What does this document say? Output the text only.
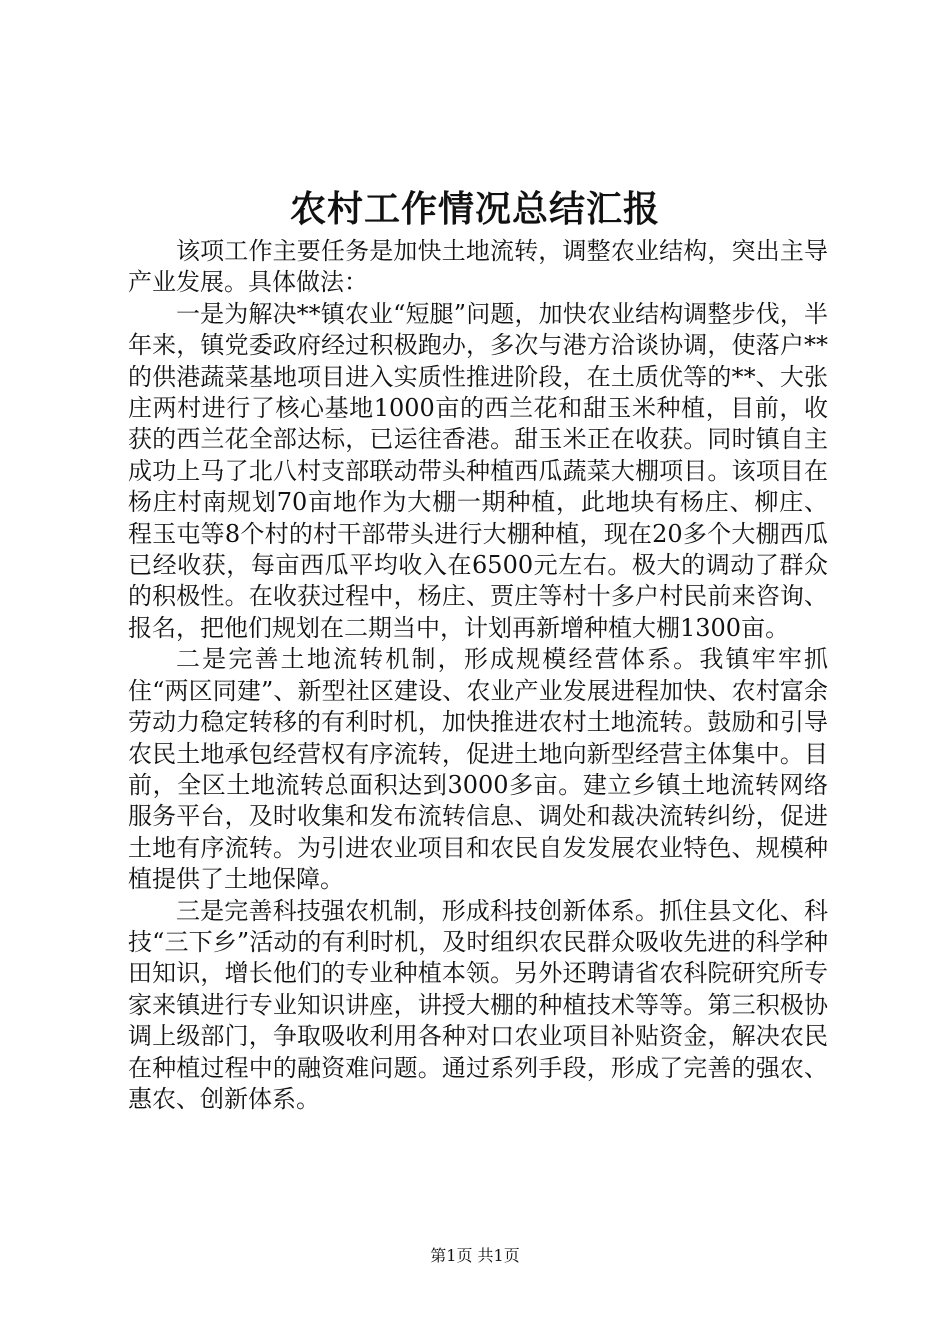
农村工作情况总结汇报

该项工作主要任务是加快土地流转，调整农业结构，突出主导产业发展。具体做法：

一是为解决**镇农业“短腿”问题，加快农业结构调整步伐，半年来，镇党委政府经过积极跑办，多次与港方洽谈协调，使落户**的供港蔬菜基地项目进入实质性推进阶段，在土质优等的**、大张庄两村进行了核心基地1000亩的西兰花和甜玉米种植，目前，收获的西兰花全部达标，已运往香港。甜玉米正在收获。同时镇自主成功上马了北八村支部联动带头种植西瓜蔬菜大棚项目。该项目在杨庄村南规划70亩地作为大棚一期种植，此地块有杨庄、柳庄、程玉屯等8个村的村干部带头进行大棚种植，现在20多个大棚西瓜已经收获，每亩西瓜平均收入在6500元左右。极大的调动了群众的积极性。在收获过程中，杨庄、贾庄等村十多户村民前来咨询、报名，把他们规划在二期当中，计划再新增种植大棚1300亩。

二是完善土地流转机制，形成规模经营体系。我镇牢牢抓住“两区同建”、新型社区建设、农业产业发展进程加快、农村富余劳动力稳定转移的有利时机，加快推进农村土地流转。鼓励和引导农民土地承包经营权有序流转，促进土地向新型经营主体集中。目前，全区土地流转总面积达到3000多亩。建立乡镇土地流转网络服务平台，及时收集和发布流转信息、调处和裁决流转纠纷，促进土地有序流转。为引进农业项目和农民自发发展农业特色、规模种植提供了土地保障。

三是完善科技强农机制，形成科技创新体系。抓住县文化、科技“三下乡”活动的有利时机，及时组织农民群众吸收先进的科学种田知识，增长他们的专业种植本领。另外还聘请省农科院研究所专家来镇进行专业知识讲座，讲授大棚的种植技术等等。第三积极协调上级部门，争取吸收利用各种对口农业项目补贴资金，解决农民在种植过程中的融资难问题。通过系列手段，形成了完善的强农、惠农、创新体系。

第1页 共1页
